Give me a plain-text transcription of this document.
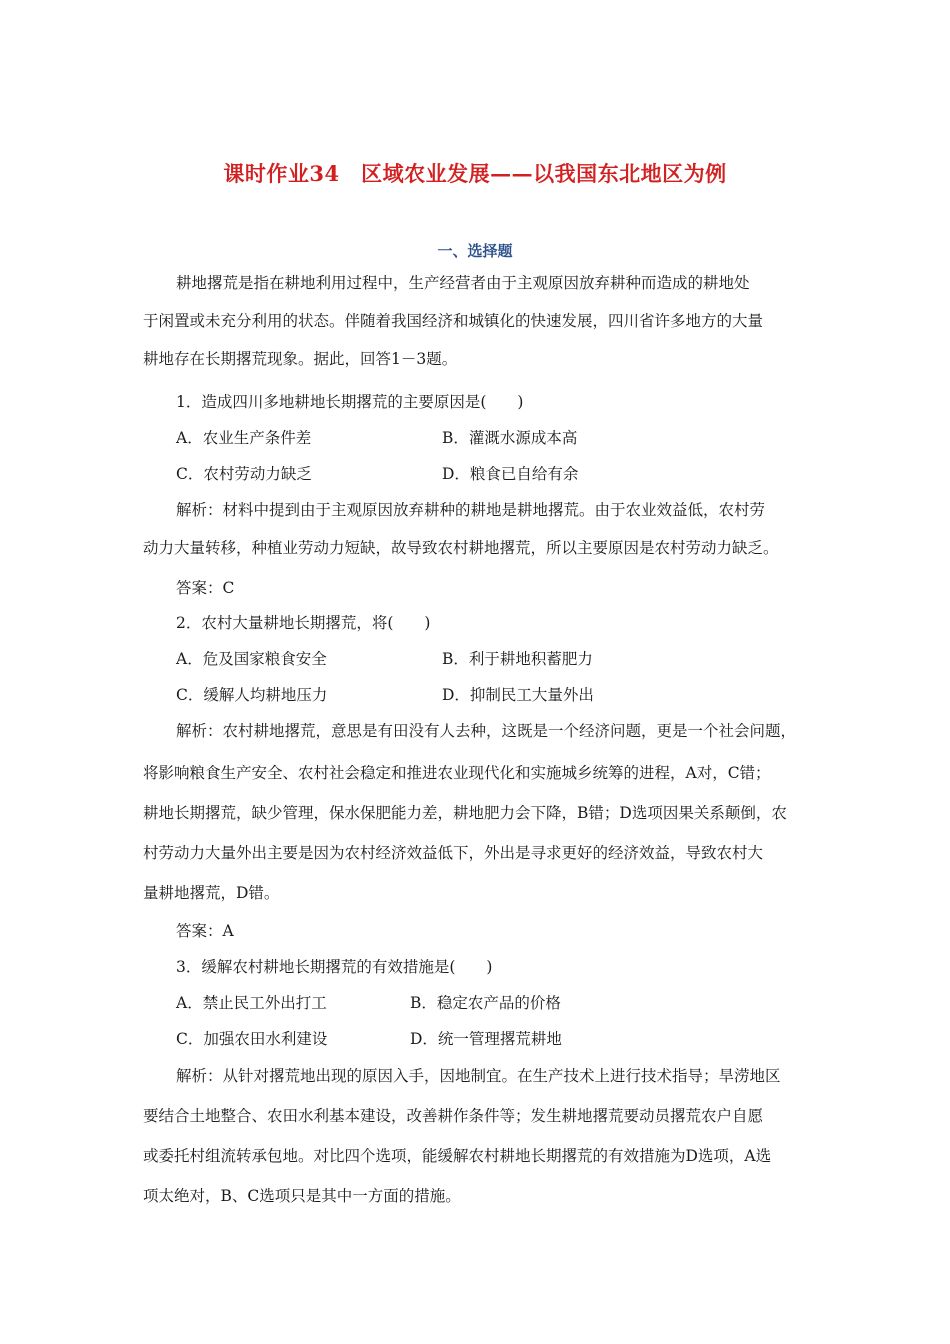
课时作业34　区域农业发展——以我国东北地区为例
一、选择题
耕地撂荒是指在耕地利用过程中，生产经营者由于主观原因放弃耕种而造成的耕地处
于闲置或未充分利用的状态。伴随着我国经济和城镇化的快速发展，四川省许多地方的大量
耕地存在长期撂荒现象。据此，回答1－3题。
1．造成四川多地耕地长期撂荒的主要原因是(　　)
A．农业生产条件差	B．灌溉水源成本高
C．农村劳动力缺乏	D．粮食已自给有余
解析：材料中提到由于主观原因放弃耕种的耕地是耕地撂荒。由于农业效益低，农村劳
动力大量转移，种植业劳动力短缺，故导致农村耕地撂荒，所以主要原因是农村劳动力缺乏。
答案：C
2．农村大量耕地长期撂荒，将(　　)
A．危及国家粮食安全	B．利于耕地积蓄肥力
C．缓解人均耕地压力	D．抑制民工大量外出
解析：农村耕地撂荒，意思是有田没有人去种，这既是一个经济问题，更是一个社会问题，
将影响粮食生产安全、农村社会稳定和推进农业现代化和实施城乡统筹的进程，A对，C错；
耕地长期撂荒，缺少管理，保水保肥能力差，耕地肥力会下降，B错；D选项因果关系颠倒，农
村劳动力大量外出主要是因为农村经济效益低下，外出是寻求更好的经济效益，导致农村大
量耕地撂荒，D错。
答案：A
3．缓解农村耕地长期撂荒的有效措施是(　　)
A．禁止民工外出打工	B．稳定农产品的价格
C．加强农田水利建设	D．统一管理撂荒耕地
解析：从针对撂荒地出现的原因入手，因地制宜。在生产技术上进行技术指导；旱涝地区
要结合土地整合、农田水利基本建设，改善耕作条件等；发生耕地撂荒要动员撂荒农户自愿
或委托村组流转承包地。对比四个选项，能缓解农村耕地长期撂荒的有效措施为D选项，A选
项太绝对，B、C选项只是其中一方面的措施。
